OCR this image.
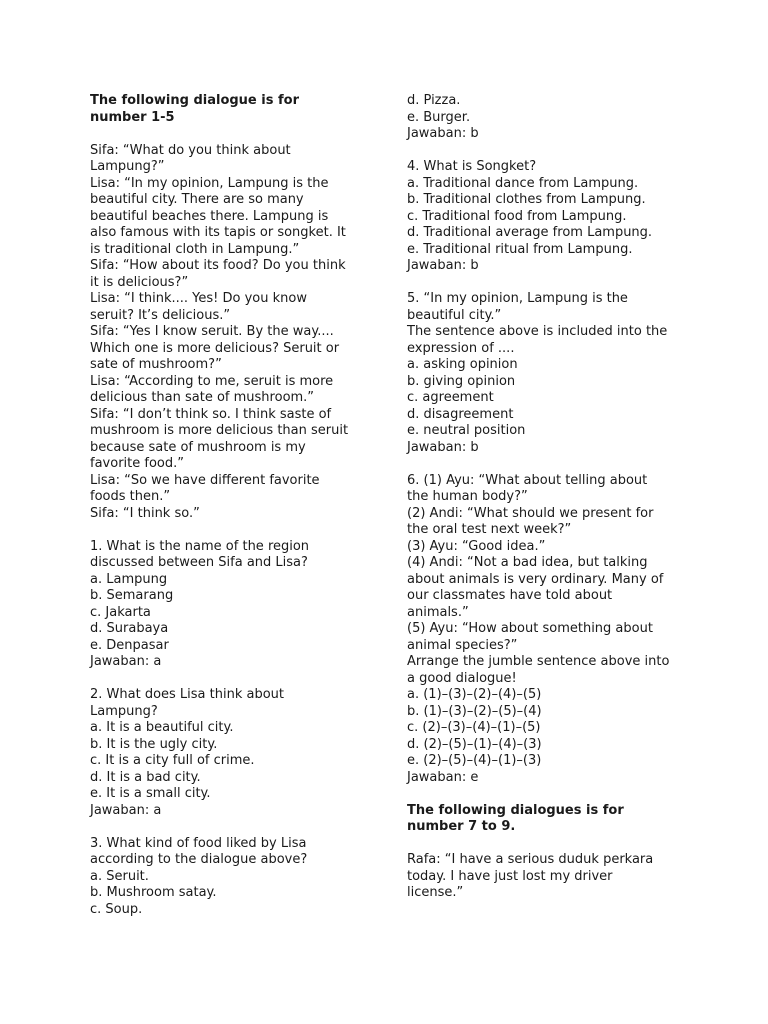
The following dialogue is for
number 1-5
Sifa: “What do you think about
Lampung?”
Lisa: “In my opinion, Lampung is the
beautiful city. There are so many
beautiful beaches there. Lampung is
also famous with its tapis or songket. It
is traditional cloth in Lampung.”
Sifa: “How about its food? Do you think
it is delicious?”
Lisa: “I think.... Yes! Do you know
seruit? It’s delicious.”
Sifa: “Yes I know seruit. By the way....
Which one is more delicious? Seruit or
sate of mushroom?”
Lisa: “According to me, seruit is more
delicious than sate of mushroom.”
Sifa: “I don’t think so. I think saste of
mushroom is more delicious than seruit
because sate of mushroom is my
favorite food.”
Lisa: “So we have different favorite
foods then.”
Sifa: “I think so.”
1. What is the name of the region
discussed between Sifa and Lisa?
a. Lampung
b. Semarang
c. Jakarta
d. Surabaya
e. Denpasar
Jawaban: a
2. What does Lisa think about
Lampung?
a. It is a beautiful city.
b. It is the ugly city.
c. It is a city full of crime.
d. It is a bad city.
e. It is a small city.
Jawaban: a
3. What kind of food liked by Lisa
according to the dialogue above?
a. Seruit.
b. Mushroom satay.
c. Soup.
d. Pizza.
e. Burger.
Jawaban: b
4. What is Songket?
a. Traditional dance from Lampung.
b. Traditional clothes from Lampung.
c. Traditional food from Lampung.
d. Traditional average from Lampung.
e. Traditional ritual from Lampung.
Jawaban: b
5. “In my opinion, Lampung is the
beautiful city.”
The sentence above is included into the
expression of ....
a. asking opinion
b. giving opinion
c. agreement
d. disagreement
e. neutral position
Jawaban: b
6. (1) Ayu: “What about telling about
the human body?”
(2) Andi: “What should we present for
the oral test next week?”
(3) Ayu: “Good idea.”
(4) Andi: “Not a bad idea, but talking
about animals is very ordinary. Many of
our classmates have told about
animals.”
(5) Ayu: “How about something about
animal species?”
Arrange the jumble sentence above into
a good dialogue!
a. (1)–(3)–(2)–(4)–(5)
b. (1)–(3)–(2)–(5)–(4)
c. (2)–(3)–(4)–(1)–(5)
d. (2)–(5)–(1)–(4)–(3)
e. (2)–(5)–(4)–(1)–(3)
Jawaban: e
The following dialogues is for
number 7 to 9.
Rafa: “I have a serious duduk perkara
today. I have just lost my driver
license.”
